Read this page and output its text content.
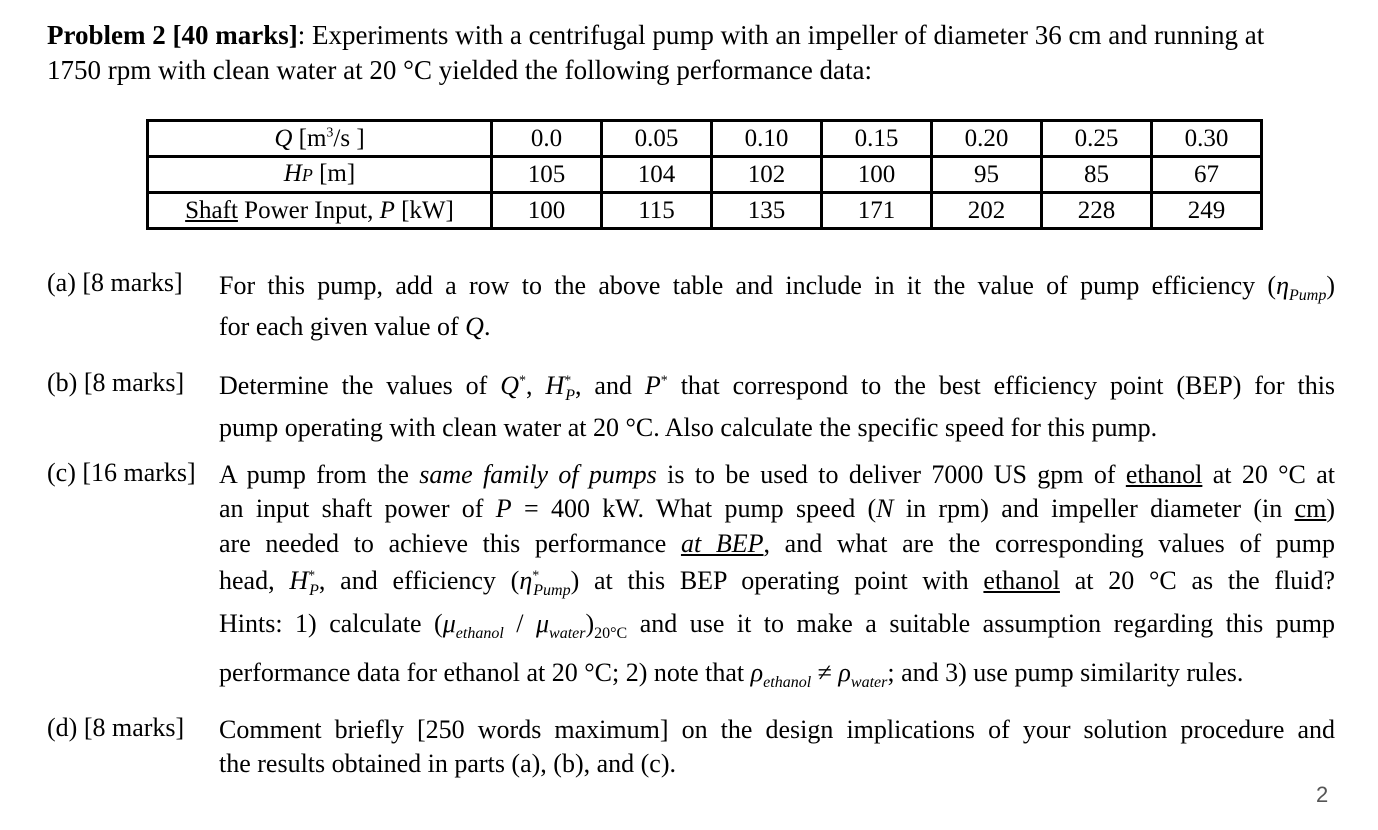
Problem 2 [40 marks]: Experiments with a centrifugal pump with an impeller of diameter 36 cm and running at
1750 rpm with clean water at 20 °C yielded the following performance data:
Q [$m^3/s$ ]	0.0	0.05	0.10	0.15	0.20	0.25	0.30
HP [m]	105	104	102	100	95	85	67
Shaft Power Input, P [kW]	100	115	135	171	202	228	249
(a) [8 marks] For this pump, add a row to the above table and include in it the value of pump efficiency $(\eta_{Pump})$
for each given value of Q.
(b) [8 marks] Determine the values of Q*, $H^*_P$, and P* that correspond to the best efficiency point (BEP) for this
pump operating with clean water at 20 °C. Also calculate the specific speed for this pump.
(c) [16 marks] A pump from the same family of pumps is to be used to deliver 7000 US gpm of ethanol at 20 °C at
an input shaft power of P = 400 kW. What pump speed (N in rpm) and impeller diameter (in cm)
are needed to achieve this performance at BEP, and what are the corresponding values of pump
head, $H^*_P$, and efficiency $(\eta^*_{Pump})$ at this BEP operating point with ethanol at 20 °C as the fluid?
Hints: 1) calculate $(\mu_{ethanol} / \mu_{water})_{20^\circ C}$ and use it to make a suitable assumption regarding this pump
performance data for ethanol at 20 °C; 2) note that $\rho_{ethanol} \ne \rho_{water}$; and 3) use pump similarity rules.
(d) [8 marks] Comment briefly [250 words maximum] on the design implications of your solution procedure and
the results obtained in parts (a), (b), and (c).
2
